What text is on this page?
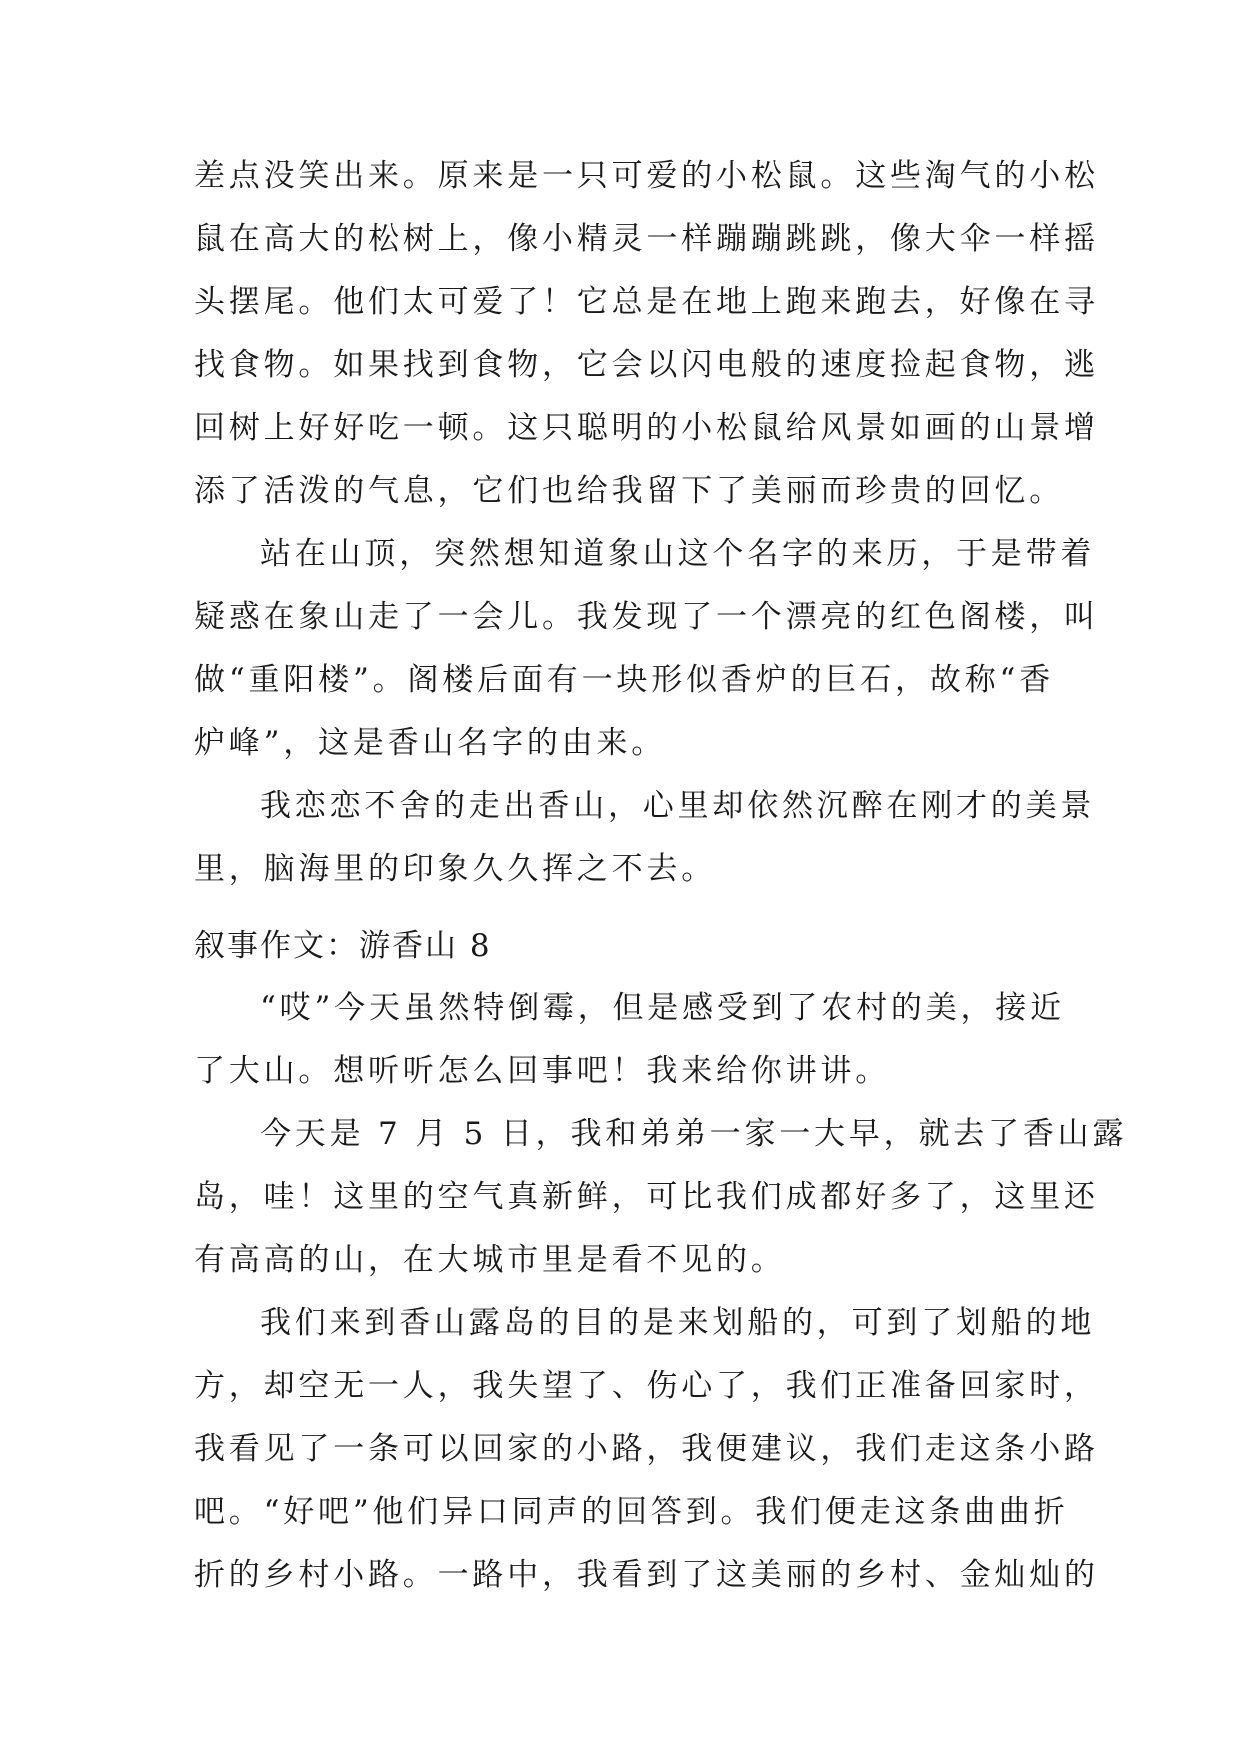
差点没笑出来。原来是一只可爱的小松鼠。这些淘气的小松
鼠在高大的松树上，像小精灵一样蹦蹦跳跳，像大伞一样摇
头摆尾。他们太可爱了！它总是在地上跑来跑去，好像在寻
找食物。如果找到食物，它会以闪电般的速度捡起食物，逃
回树上好好吃一顿。这只聪明的小松鼠给风景如画的山景增
添了活泼的气息，它们也给我留下了美丽而珍贵的回忆。
站在山顶，突然想知道象山这个名字的来历，于是带着
疑惑在象山走了一会儿。我发现了一个漂亮的红色阁楼，叫
做“重阳楼”。阁楼后面有一块形似香炉的巨石，故称“香
炉峰”，这是香山名字的由来。
我恋恋不舍的走出香山，心里却依然沉醉在刚才的美景
里，脑海里的印象久久挥之不去。
叙事作文：游香山 8
“哎”今天虽然特倒霉，但是感受到了农村的美，接近
了大山。想听听怎么回事吧！我来给你讲讲。
今天是 7 月 5 日，我和弟弟一家一大早，就去了香山露
岛，哇！这里的空气真新鲜，可比我们成都好多了，这里还
有高高的山，在大城市里是看不见的。
我们来到香山露岛的目的是来划船的，可到了划船的地
方，却空无一人，我失望了、伤心了，我们正准备回家时，
我看见了一条可以回家的小路，我便建议，我们走这条小路
吧。“好吧”他们异口同声的回答到。我们便走这条曲曲折
折的乡村小路。一路中，我看到了这美丽的乡村、金灿灿的
